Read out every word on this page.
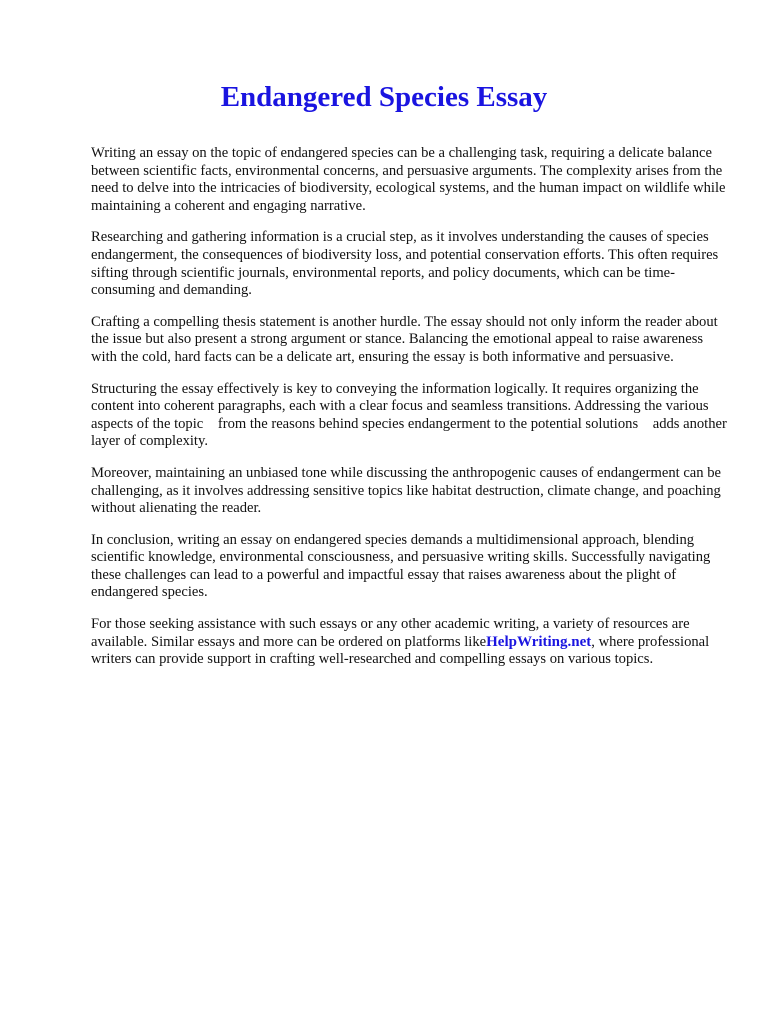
Endangered Species Essay

Writing an essay on the topic of endangered species can be a challenging task, requiring a delicate balance between scientific facts, environmental concerns, and persuasive arguments. The complexity arises from the need to delve into the intricacies of biodiversity, ecological systems, and the human impact on wildlife while maintaining a coherent and engaging narrative.

Researching and gathering information is a crucial step, as it involves understanding the causes of species endangerment, the consequences of biodiversity loss, and potential conservation efforts. This often requires sifting through scientific journals, environmental reports, and policy documents, which can be time-consuming and demanding.

Crafting a compelling thesis statement is another hurdle. The essay should not only inform the reader about the issue but also present a strong argument or stance. Balancing the emotional appeal to raise awareness with the cold, hard facts can be a delicate art, ensuring the essay is both informative and persuasive.

Structuring the essay effectively is key to conveying the information logically. It requires organizing the content into coherent paragraphs, each with a clear focus and seamless transitions. Addressing the various aspects of the topic    from the reasons behind species endangerment to the potential solutions    adds another layer of complexity.

Moreover, maintaining an unbiased tone while discussing the anthropogenic causes of endangerment can be challenging, as it involves addressing sensitive topics like habitat destruction, climate change, and poaching without alienating the reader.

In conclusion, writing an essay on endangered species demands a multidimensional approach, blending scientific knowledge, environmental consciousness, and persuasive writing skills. Successfully navigating these challenges can lead to a powerful and impactful essay that raises awareness about the plight of endangered species.

For those seeking assistance with such essays or any other academic writing, a variety of resources are available. Similar essays and more can be ordered on platforms likeHelpWriting.net, where professional writers can provide support in crafting well-researched and compelling essays on various topics.
